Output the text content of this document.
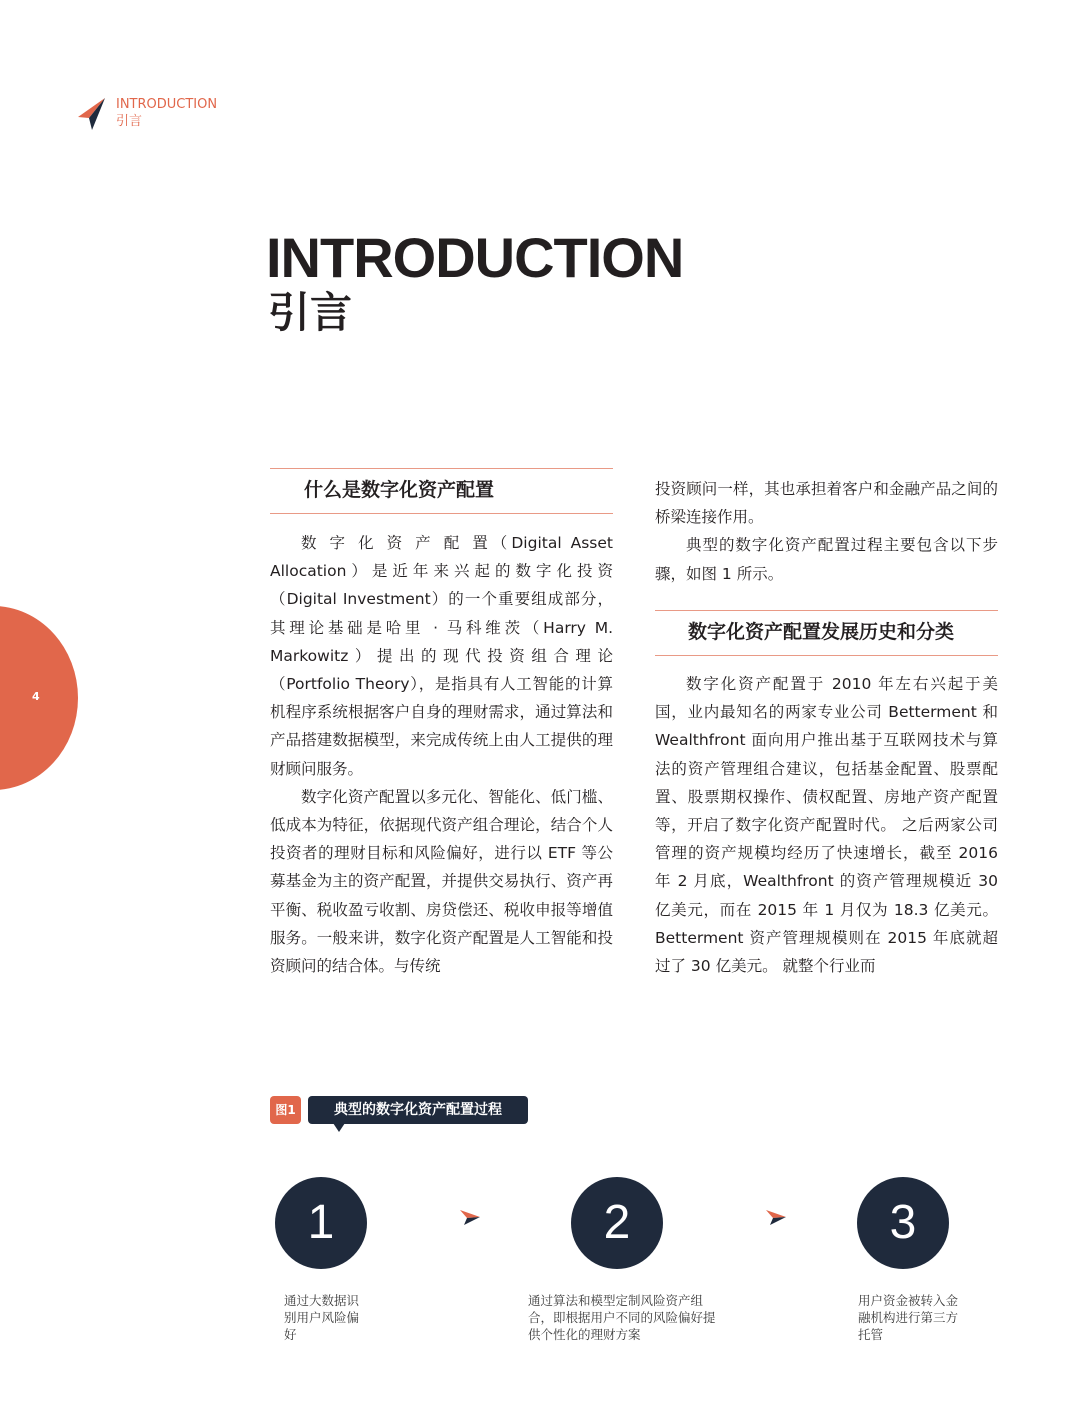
INTRODUCTION
引言
INTRODUCTION
引言
4
什么是数字化资产配置

数 字 化 资 产 配 置（Digital Asset Allocation）是近年来兴起的数字化投资（Digital Investment）的一个重要组成部分，其理论基础是哈里 · 马科维茨（Harry M. Markowitz）提出的现代投资组合理论（Portfolio Theory），是指具有人工智能的计算机程序系统根据客户自身的理财需求，通过算法和产品搭建数据模型，来完成传统上由人工提供的理财顾问服务。

数字化资产配置以多元化、智能化、低门槛、低成本为特征，依据现代资产组合理论，结合个人投资者的理财目标和风险偏好，进行以 ETF 等公募基金为主的资产配置，并提供交易执行、资产再平衡、税收盈亏收割、房贷偿还、税收申报等增值服务。一般来讲，数字化资产配置是人工智能和投资顾问的结合体。与传统

投资顾问一样，其也承担着客户和金融产品之间的桥梁连接作用。

典型的数字化资产配置过程主要包含以下步骤，如图 1 所示。

数字化资产配置发展历史和分类

数字化资产配置于 2010 年左右兴起于美国，业内最知名的两家专业公司 Betterment 和 Wealthfront 面向用户推出基于互联网技术与算法的资产管理组合建议，包括基金配置、股票配置、股票期权操作、债权配置、房地产资产配置等，开启了数字化资产配置时代。 之后两家公司管理的资产规模均经历了快速增长，截至 2016 年 2 月底，Wealthfront 的资产管理规模近 30 亿美元，而在 2015 年 1 月仅为 18.3 亿美元。Betterment 资产管理规模则在 2015 年底就超过了 30 亿美元。 就整个行业而

图1	典型的数字化资产配置过程
1	2	3
通过大数据识别用户风险偏好
通过算法和模型定制风险资产组合，即根据用户不同的风险偏好提供个性化的理财方案
用户资金被转入金融机构进行第三方托管
